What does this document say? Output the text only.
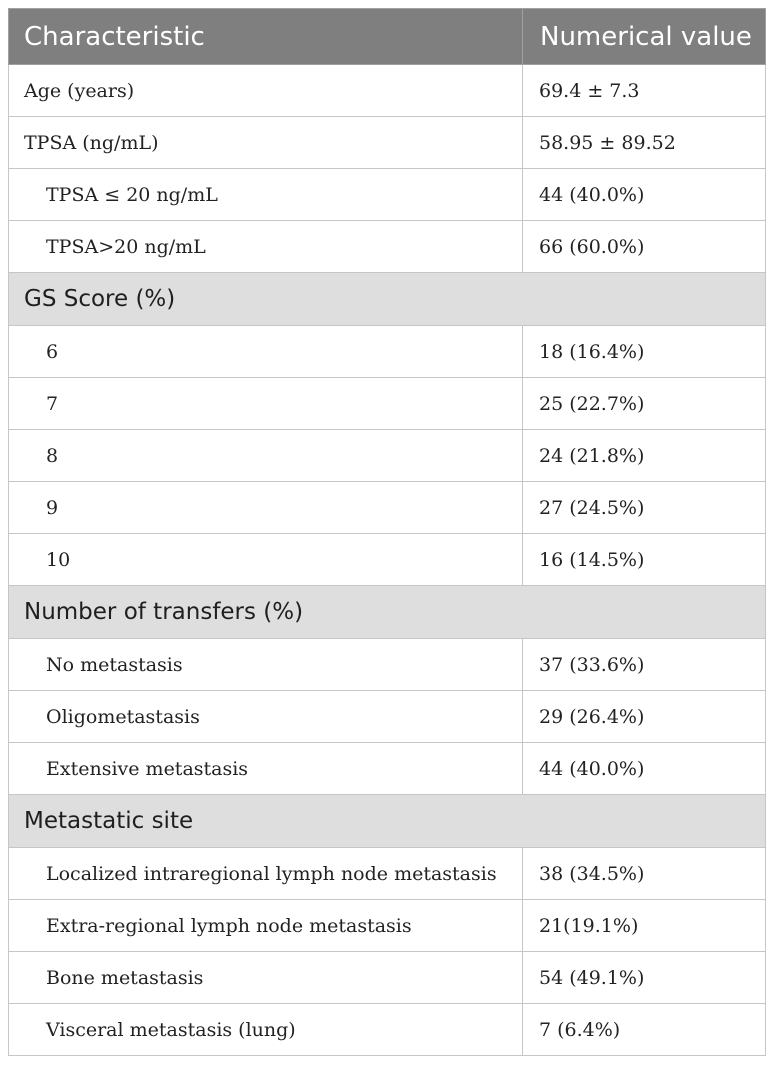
Characteristic	Numerical value
Age (years)	69.4 ± 7.3
TPSA (ng/mL)	58.95 ± 89.52
TPSA ≤ 20 ng/mL	44 (40.0%)
TPSA>20 ng/mL	66 (60.0%)
GS Score (%)	
6	18 (16.4%)
7	25 (22.7%)
8	24 (21.8%)
9	27 (24.5%)
10	16 (14.5%)
Number of transfers (%)	
No metastasis	37 (33.6%)
Oligometastasis	29 (26.4%)
Extensive metastasis	44 (40.0%)
Metastatic site	
Localized intraregional lymph node metastasis	38 (34.5%)
Extra-regional lymph node metastasis	21(19.1%)
Bone metastasis	54 (49.1%)
Visceral metastasis (lung)	7 (6.4%)
